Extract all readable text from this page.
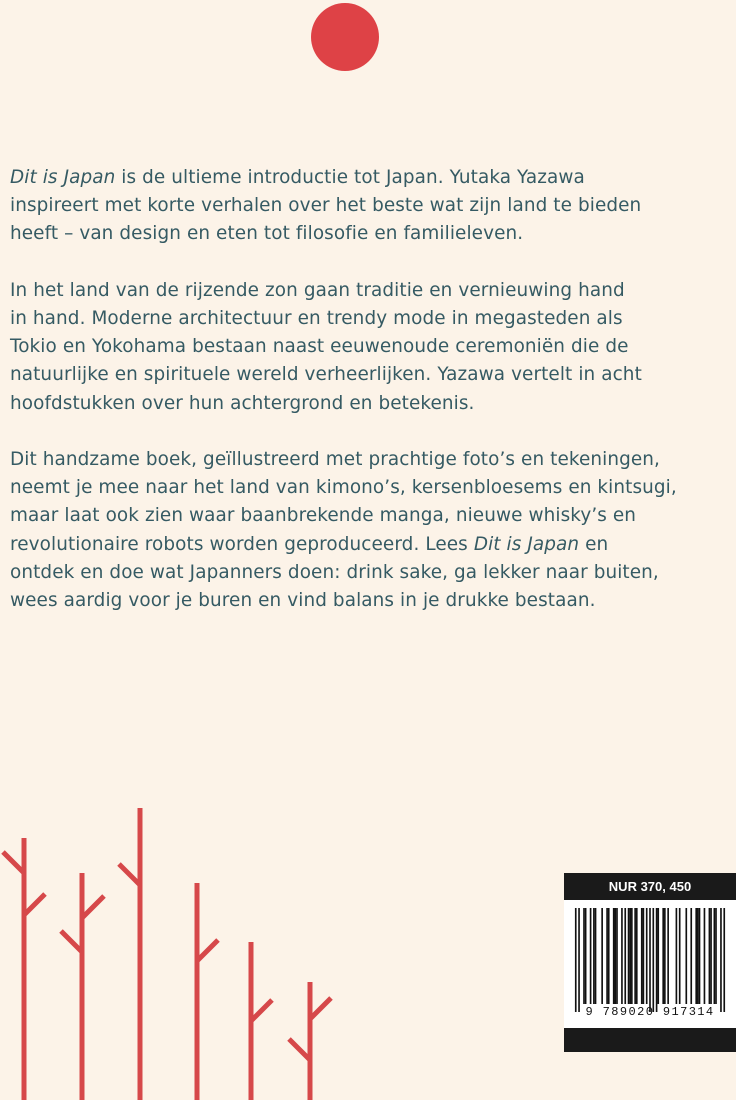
Dit is Japan is de ultieme introductie tot Japan. Yutaka Yazawa
inspireert met korte verhalen over het beste wat zijn land te bieden
heeft – van design en eten tot filosofie en familieleven.

In het land van de rijzende zon gaan traditie en vernieuwing hand
in hand. Moderne architectuur en trendy mode in megasteden als
Tokio en Yokohama bestaan naast eeuwenoude ceremoniën die de
natuurlijke en spirituele wereld verheerlijken. Yazawa vertelt in acht
hoofdstukken over hun achtergrond en betekenis.

Dit handzame boek, geïllustreerd met prachtige foto’s en tekeningen,
neemt je mee naar het land van kimono’s, kersenbloesems en kintsugi,
maar laat ook zien waar baanbrekende manga, nieuwe whisky’s en
revolutionaire robots worden geproduceerd. Lees Dit is Japan en
ontdek en doe wat Japanners doen: drink sake, ga lekker naar buiten,
wees aardig voor je buren en vind balans in je drukke bestaan.

NUR 370, 450
9 789020 917314
